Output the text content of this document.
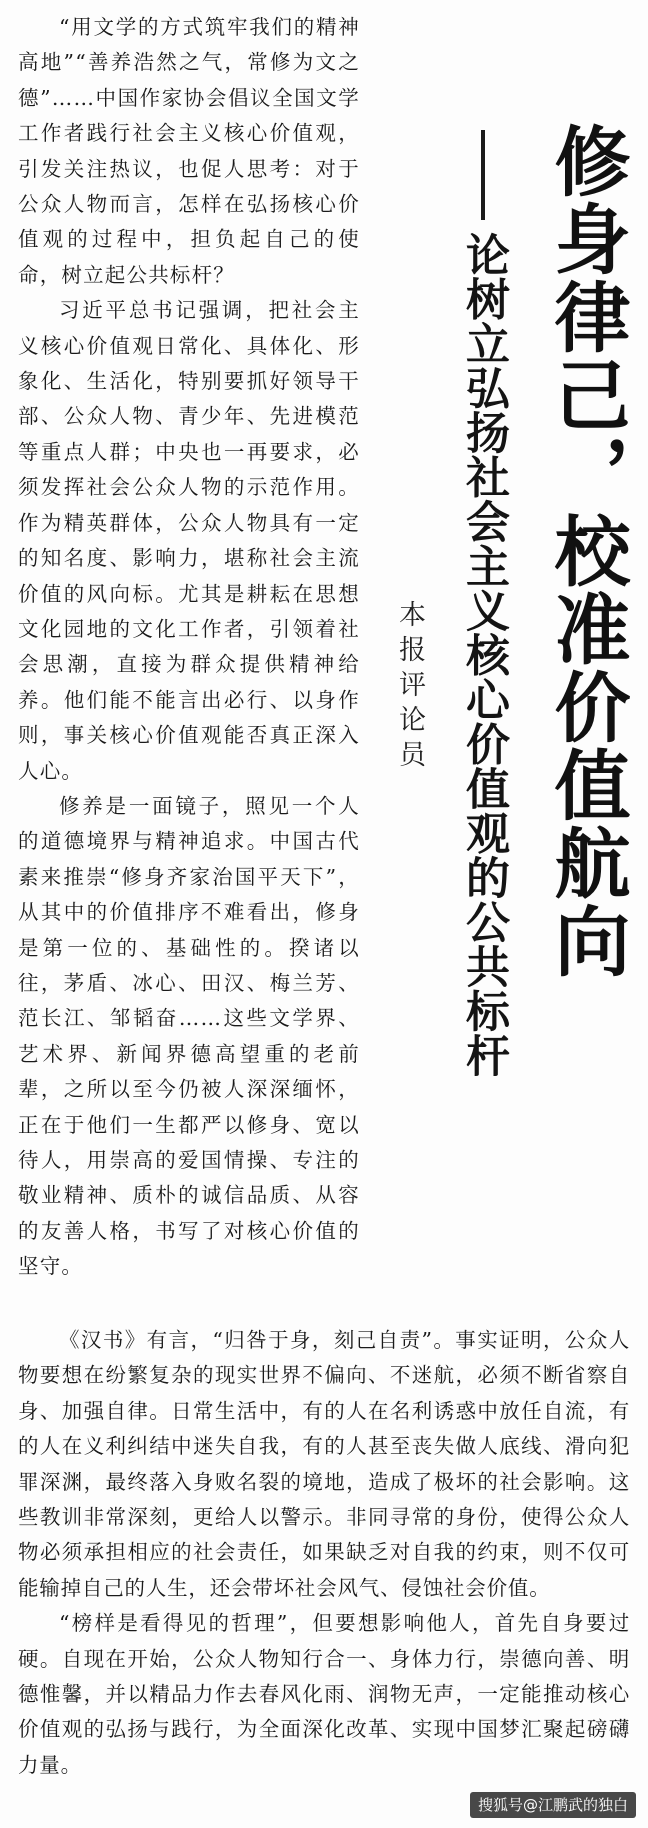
“用文学的方式筑牢我们的精神高地”“善养浩然之气，常修为文之德”……中国作家协会倡议全国文学工作者践行社会主义核心价值观，引发关注热议，也促人思考：对于公众人物而言，怎样在弘扬核心价值观的过程中，担负起自己的使命，树立起公共标杆？

习近平总书记强调，把社会主义核心价值观日常化、具体化、形象化、生活化，特别要抓好领导干部、公众人物、青少年、先进模范等重点人群；中央也一再要求，必须发挥社会公众人物的示范作用。作为精英群体，公众人物具有一定的知名度、影响力，堪称社会主流价值的风向标。尤其是耕耘在思想文化园地的文化工作者，引领着社会思潮，直接为群众提供精神给养。他们能不能言出必行、以身作则，事关核心价值观能否真正深入人心。

修养是一面镜子，照见一个人的道德境界与精神追求。中国古代素来推崇“修身齐家治国平天下”，从其中的价值排序不难看出，修身是第一位的、基础性的。揆诸以往，茅盾、冰心、田汉、梅兰芳、范长江、邹韬奋……这些文学界、艺术界、新闻界德高望重的老前辈，之所以至今仍被人深深缅怀，正在于他们一生都严以修身、宽以待人，用崇高的爱国情操、专注的敬业精神、质朴的诚信品质、从容的友善人格，书写了对核心价值的坚守。

修身律己，校准价值航向
论树立弘扬社会主义核心价值观的公共标杆
本报评论员

《汉书》有言，“归咎于身，刻己自责”。事实证明，公众人物要想在纷繁复杂的现实世界不偏向、不迷航，必须不断省察自身、加强自律。日常生活中，有的人在名利诱惑中放任自流，有的人在义利纠结中迷失自我，有的人甚至丧失做人底线、滑向犯罪深渊，最终落入身败名裂的境地，造成了极坏的社会影响。这些教训非常深刻，更给人以警示。非同寻常的身份，使得公众人物必须承担相应的社会责任，如果缺乏对自我的约束，则不仅可能输掉自己的人生，还会带坏社会风气、侵蚀社会价值。

“榜样是看得见的哲理”，但要想影响他人，首先自身要过硬。自现在开始，公众人物知行合一、身体力行，崇德向善、明德惟馨，并以精品力作去春风化雨、润物无声，一定能推动核心价值观的弘扬与践行，为全面深化改革、实现中国梦汇聚起磅礴力量。

搜狐号@江鹏武的独白
